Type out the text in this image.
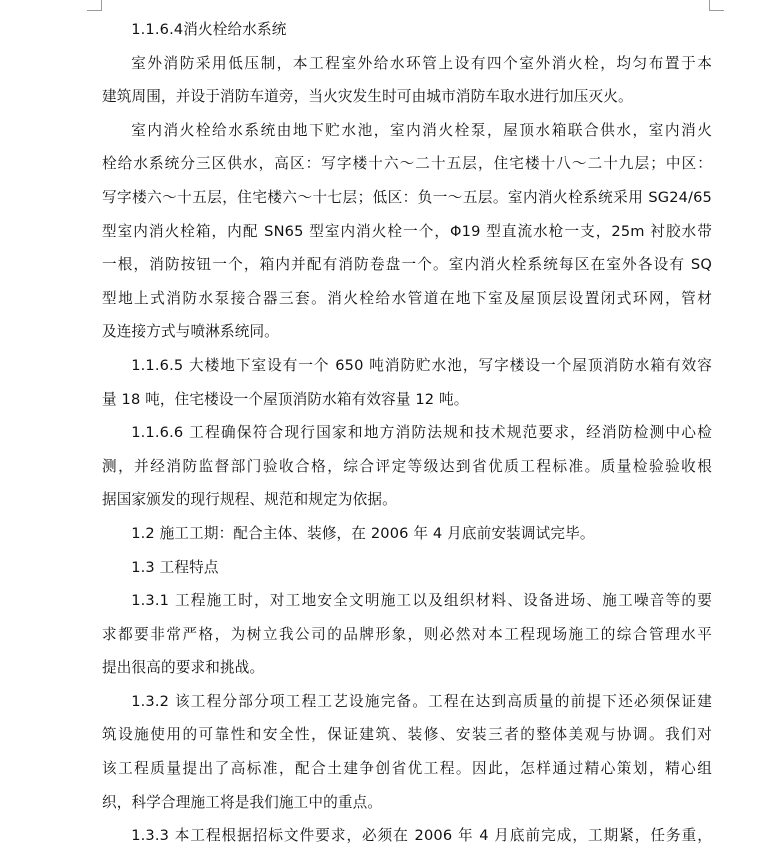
1.1.6.4消火栓给水系统

室外消防采用低压制，本工程室外给水环管上设有四个室外消火栓，均匀布置于本
建筑周围，并设于消防车道旁，当火灾发生时可由城市消防车取水进行加压灭火。

室内消火栓给水系统由地下贮水池，室内消火栓泵，屋顶水箱联合供水，室内消火
栓给水系统分三区供水，高区：写字楼十六～二十五层，住宅楼十八～二十九层；中区：
写字楼六～十五层，住宅楼六～十七层；低区：负一～五层。室内消火栓系统采用 SG24/65
型室内消火栓箱，内配 SN65 型室内消火栓一个，Φ19 型直流水枪一支，25m 衬胶水带
一根，消防按钮一个，箱内并配有消防卷盘一个。室内消火栓系统每区在室外各设有 SQ
型地上式消防水泵接合器三套。消火栓给水管道在地下室及屋顶层设置闭式环网，管材
及连接方式与喷淋系统同。

1.1.6.5 大楼地下室设有一个 650 吨消防贮水池，写字楼设一个屋顶消防水箱有效容
量 18 吨，住宅楼设一个屋顶消防水箱有效容量 12 吨。

1.1.6.6 工程确保符合现行国家和地方消防法规和技术规范要求，经消防检测中心检
测，并经消防监督部门验收合格，综合评定等级达到省优质工程标准。质量检验验收根
据国家颁发的现行规程、规范和规定为依据。

1.2 施工工期：配合主体、装修，在 2006 年 4 月底前安装调试完毕。

1.3 工程特点

1.3.1 工程施工时，对工地安全文明施工以及组织材料、设备进场、施工噪音等的要
求都要非常严格，为树立我公司的品牌形象，则必然对本工程现场施工的综合管理水平
提出很高的要求和挑战。

1.3.2 该工程分部分项工程工艺设施完备。工程在达到高质量的前提下还必须保证建
筑设施使用的可靠性和安全性，保证建筑、装修、安装三者的整体美观与协调。我们对
该工程质量提出了高标准，配合土建争创省优工程。因此，怎样通过精心策划，精心组
织，科学合理施工将是我们施工中的重点。

1.3.3 本工程根据招标文件要求，必须在 2006 年 4 月底前完成，工期紧，任务重，
